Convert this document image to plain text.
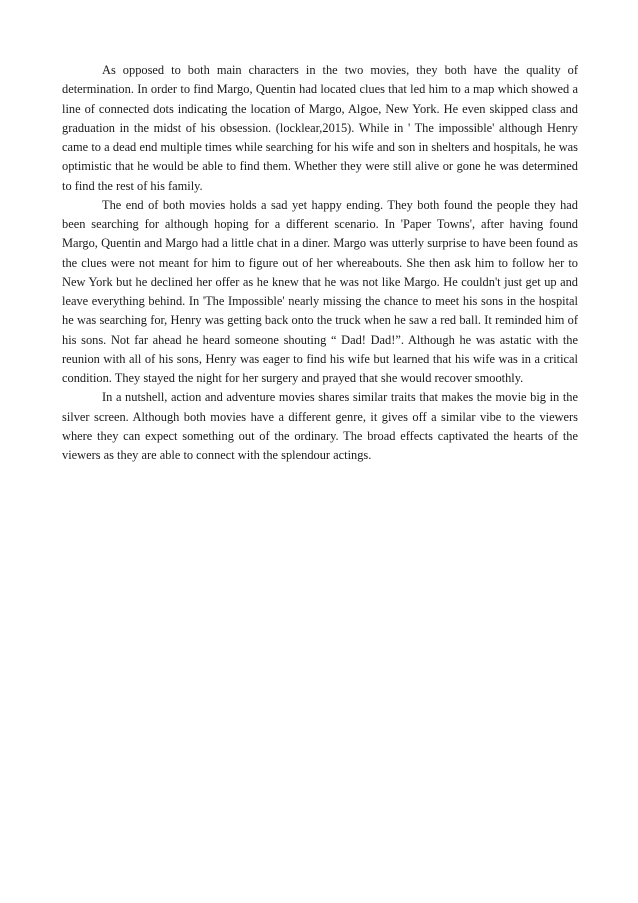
As opposed to both main characters in the two movies, they both have the quality of determination. In order to find Margo, Quentin had located clues that led him to a map which showed a line of connected dots indicating the location of Margo, Algoe, New York. He even skipped class and graduation in the midst of his obsession. (locklear,2015). While in ' The impossible' although Henry came to a dead end multiple times while searching for his wife and son in shelters and hospitals, he was optimistic that he would be able to find them. Whether they were still alive or gone he was determined to find the rest of his family.

The end of both movies holds a sad yet happy ending. They both found the people they had been searching for although hoping for a different scenario. In 'Paper Towns', after having found Margo, Quentin and Margo had a little chat in a diner. Margo was utterly surprise to have been found as the clues were not meant for him to figure out of her whereabouts. She then ask him to follow her to New York but he declined her offer as he knew that he was not like Margo. He couldn't just get up and leave everything behind. In 'The Impossible' nearly missing the chance to meet his sons in the hospital he was searching for, Henry was getting back onto the truck when he saw a red ball. It reminded him of his sons. Not far ahead he heard someone shouting “ Dad! Dad!”. Although he was astatic with the reunion with all of his sons, Henry was eager to find his wife but learned that his wife was in a critical condition. They stayed the night for her surgery and prayed that she would recover smoothly.

In a nutshell, action and adventure movies shares similar traits that makes the movie big in the silver screen. Although both movies have a different genre, it gives off a similar vibe to the viewers where they can expect something out of the ordinary. The broad effects captivated the hearts of the viewers as they are able to connect with the splendour actings.
